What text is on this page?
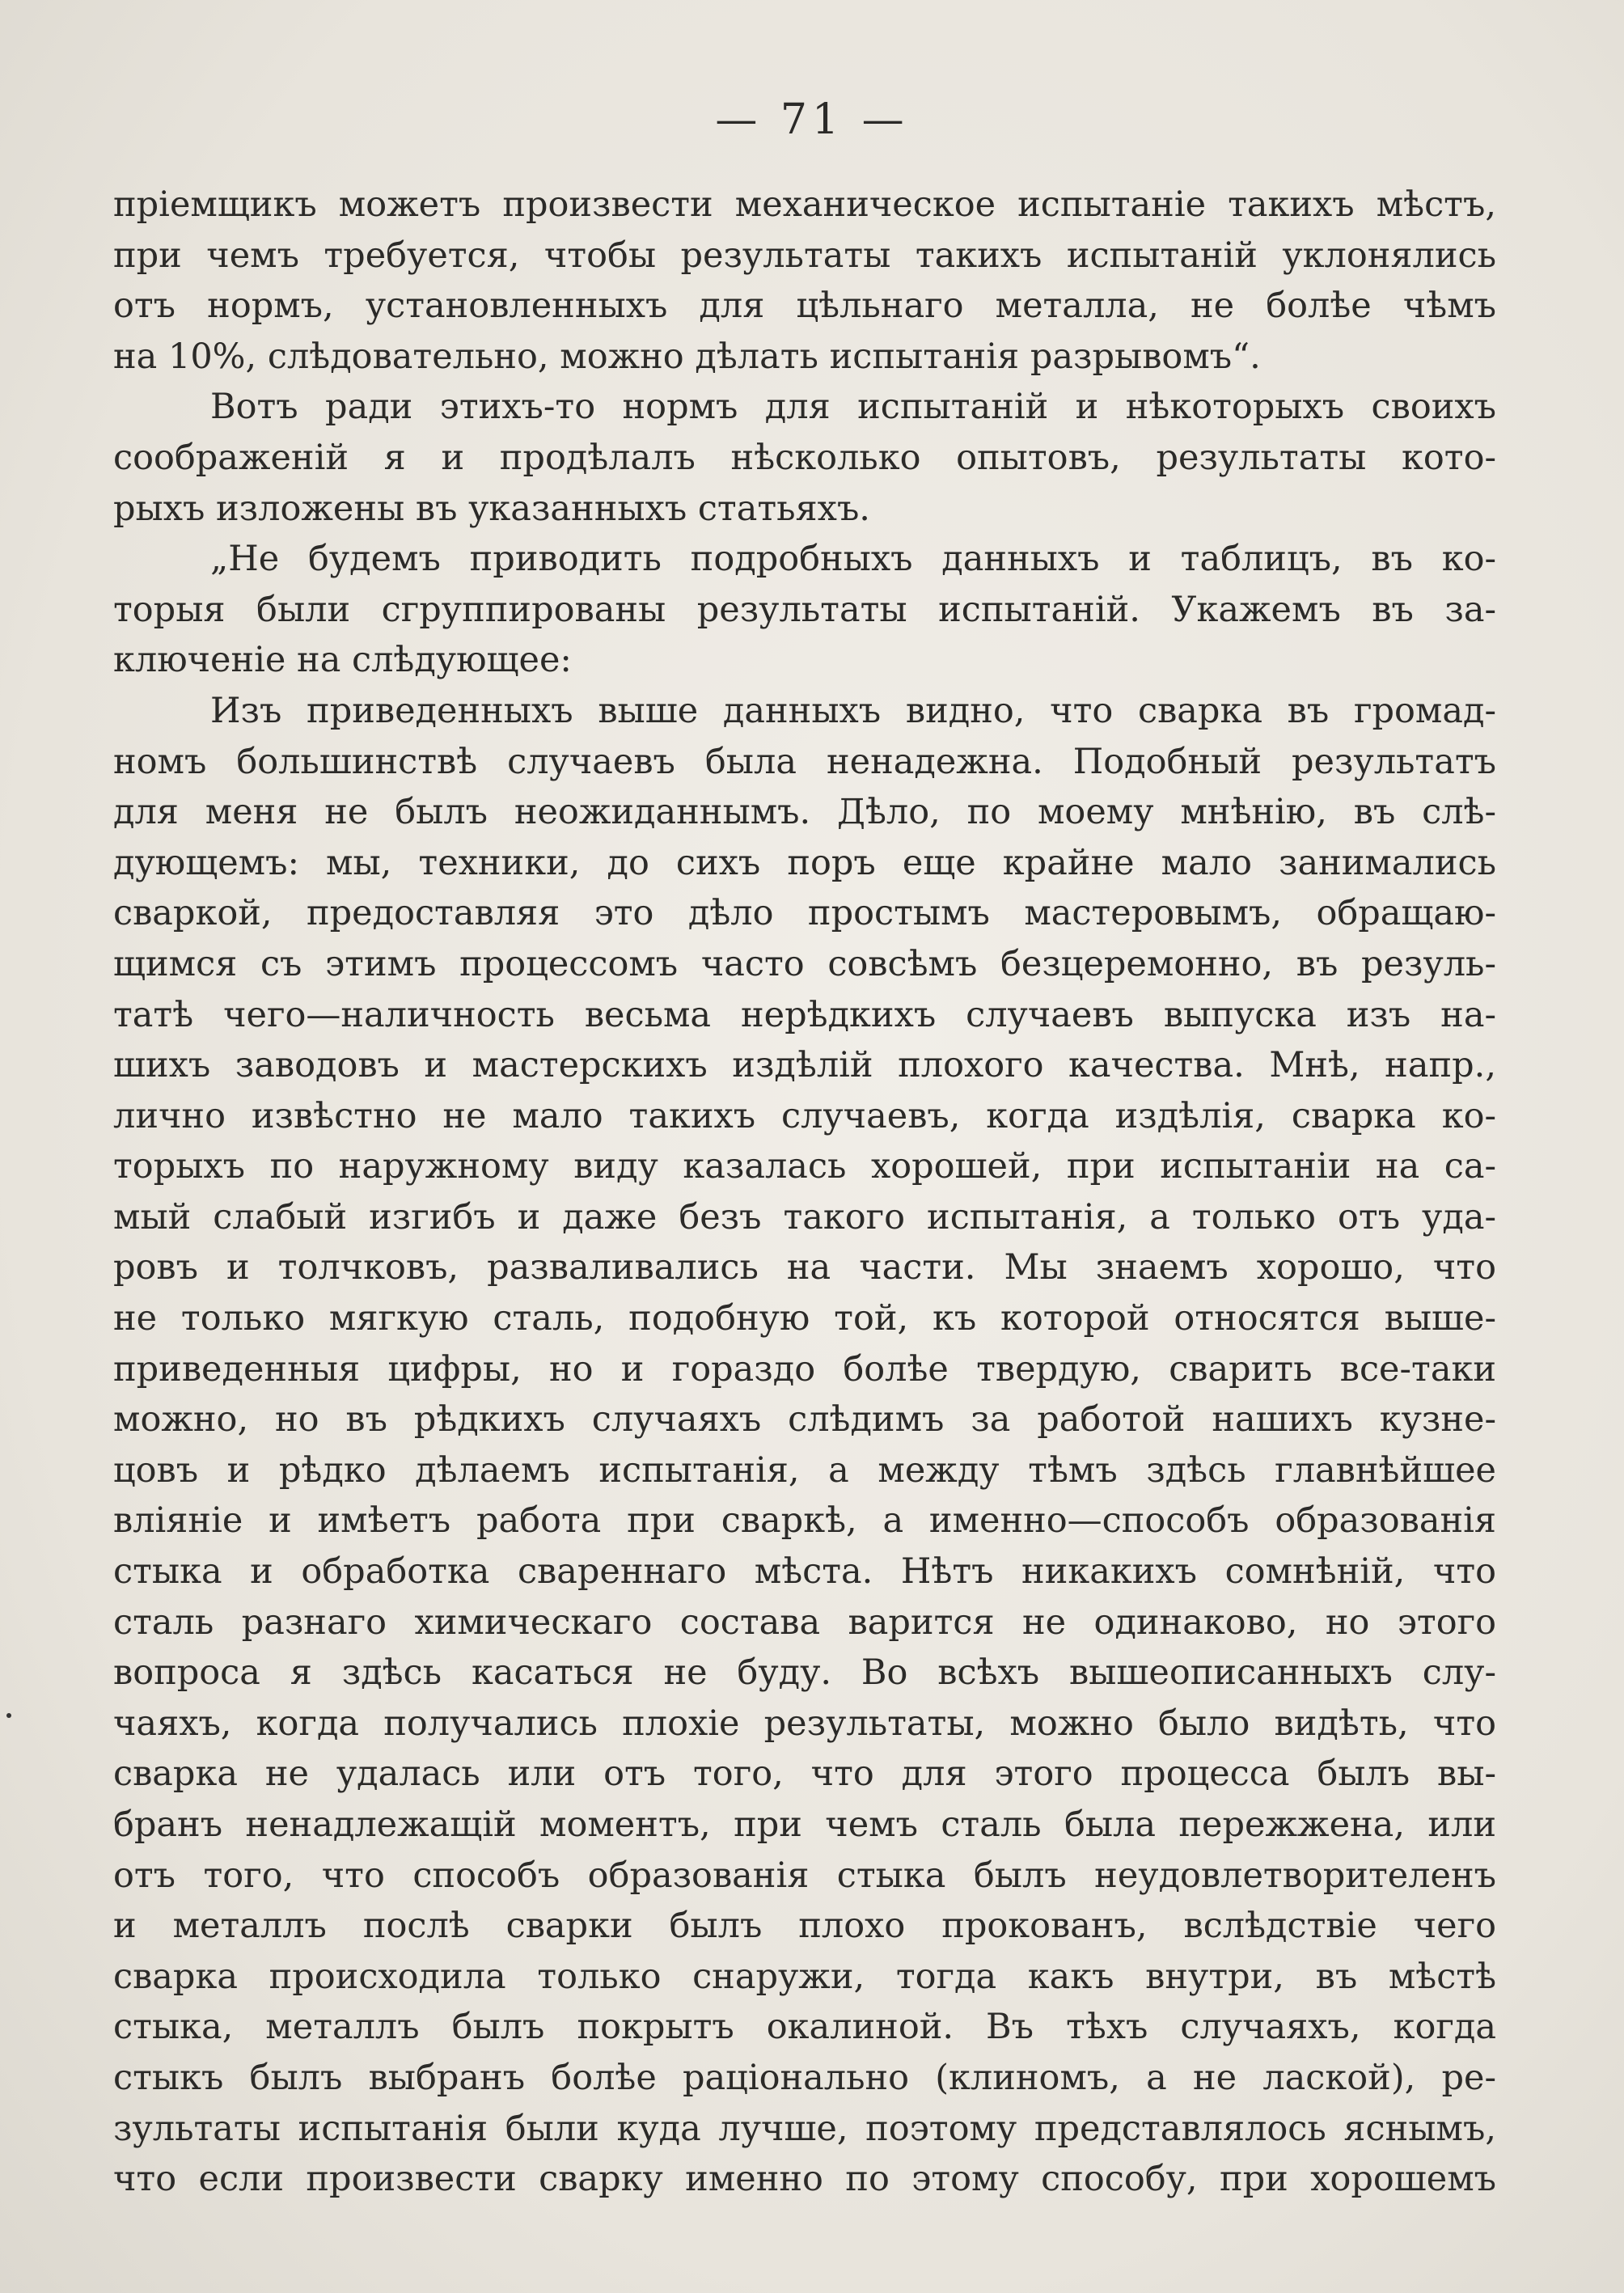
— 71 —
пріемщикъ можетъ произвести механическое испытаніе такихъ мѣстъ,
при чемъ требуется, чтобы результаты такихъ испытаній уклонялись
отъ нормъ, установленныхъ для цѣльнаго металла, не болѣе чѣмъ
на 10%, слѣдовательно, можно дѣлать испытанія разрывомъ“.
Вотъ ради этихъ-то нормъ для испытаній и нѣкоторыхъ своихъ
соображеній я и продѣлалъ нѣсколько опытовъ, результаты кото-
рыхъ изложены въ указанныхъ статьяхъ.
„Не будемъ приводить подробныхъ данныхъ и таблицъ, въ ко-
торыя были сгруппированы результаты испытаній. Укажемъ въ за-
ключеніе на слѣдующее:
Изъ приведенныхъ выше данныхъ видно, что сварка въ громад-
номъ большинствѣ случаевъ была ненадежна. Подобный результатъ
для меня не былъ неожиданнымъ. Дѣло, по моему мнѣнію, въ слѣ-
дующемъ: мы, техники, до сихъ поръ еще крайне мало занимались
сваркой, предоставляя это дѣло простымъ мастеровымъ, обращаю-
щимся съ этимъ процессомъ часто совсѣмъ безцеремонно, въ резуль-
татѣ чего—наличность весьма нерѣдкихъ случаевъ выпуска изъ на-
шихъ заводовъ и мастерскихъ издѣлій плохого качества. Мнѣ, напр.,
лично извѣстно не мало такихъ случаевъ, когда издѣлія, сварка ко-
торыхъ по наружному виду казалась хорошей, при испытаніи на са-
мый слабый изгибъ и даже безъ такого испытанія, а только отъ уда-
ровъ и толчковъ, разваливались на части. Мы знаемъ хорошо, что
не только мягкую сталь, подобную той, къ которой относятся выше-
приведенныя цифры, но и гораздо болѣе твердую, сварить все-таки
можно, но въ рѣдкихъ случаяхъ слѣдимъ за работой нашихъ кузне-
цовъ и рѣдко дѣлаемъ испытанія, а между тѣмъ здѣсь главнѣйшее
вліяніе и имѣетъ работа при сваркѣ, а именно—способъ образованія
стыка и обработка свареннаго мѣста. Нѣтъ никакихъ сомнѣній, что
сталь разнаго химическаго состава варится не одинаково, но этого
вопроса я здѣсь касаться не буду. Во всѣхъ вышеописанныхъ слу-
чаяхъ, когда получались плохіе результаты, можно было видѣть, что
сварка не удалась или отъ того, что для этого процесса былъ вы-
бранъ ненадлежащій моментъ, при чемъ сталь была пережжена, или
отъ того, что способъ образованія стыка былъ неудовлетворителенъ
и металлъ послѣ сварки былъ плохо прокованъ, вслѣдствіе чего
сварка происходила только снаружи, тогда какъ внутри, въ мѣстѣ
стыка, металлъ былъ покрытъ окалиной. Въ тѣхъ случаяхъ, когда
стыкъ былъ выбранъ болѣе раціонально (клиномъ, а не лаской), ре-
зультаты испытанія были куда лучше, поэтому представлялось яснымъ,
что если произвести сварку именно по этому способу, при хорошемъ
